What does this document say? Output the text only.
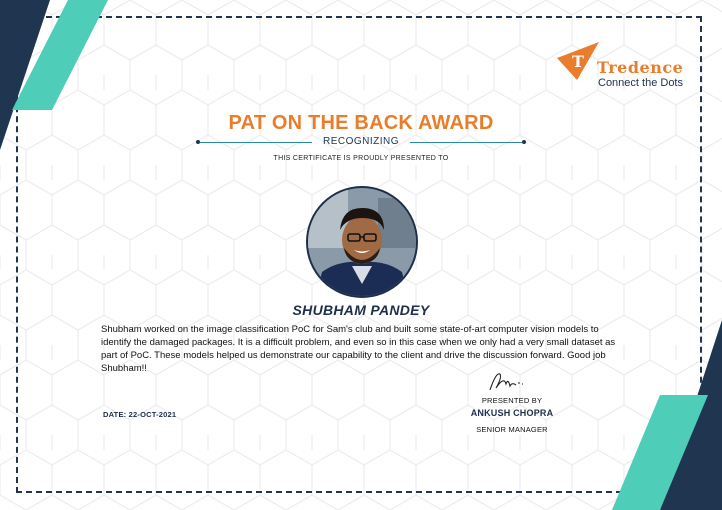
T Tredence
Connect the Dots
PAT ON THE BACK AWARD
RECOGNIZING
THIS CERTIFICATE IS PROUDLY PRESENTED TO
SHUBHAM PANDEY
Shubham worked on the image classification PoC for Sam's club and built some state-of-art computer vision models to identify the damaged packages. It is a difficult problem, and even so in this case when we only had a very small dataset as part of PoC. These models helped us demonstrate our capability to the client and drive the discussion forward. Good job Shubham!!
DATE: 22-OCT-2021
PRESENTED BY
ANKUSH CHOPRA
SENIOR MANAGER
